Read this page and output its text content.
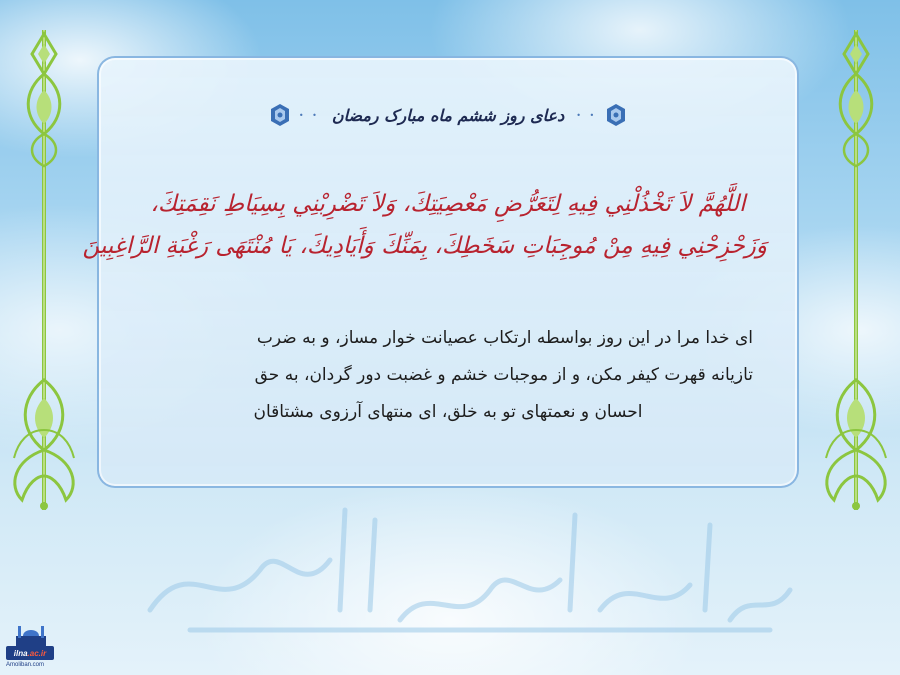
• • دعای روز ششم ماه مبارک رمضان • •
اللَّهُمَّ لاَ تَخْذُلْنِي فِيهِ لِتَعَرُّضِ مَعْصِيَتِكَ، وَلاَ تَضْرِبْنِي بِسِيَاطِ نَقِمَتِكَ،
وَزَحْزِحْنِي فِيهِ مِنْ مُوجِبَاتِ سَخَطِكَ، بِمَنِّكَ وَأَيَادِيكَ، يَا مُنْتَهَى رَغْبَةِ الرَّاغِبِينَ
ای خدا مرا در این روز بواسطه ارتکاب عصیانت خوار مساز، و به ضرب
تازیانه قهرت کیفر مکن، و از موجبات خشم و غضبت دور گردان، به حق
احسان و نعمتهای تو به خلق، ای منتهای آرزوی مشتاقان
ilna .ac.ir
Amoliban.com
